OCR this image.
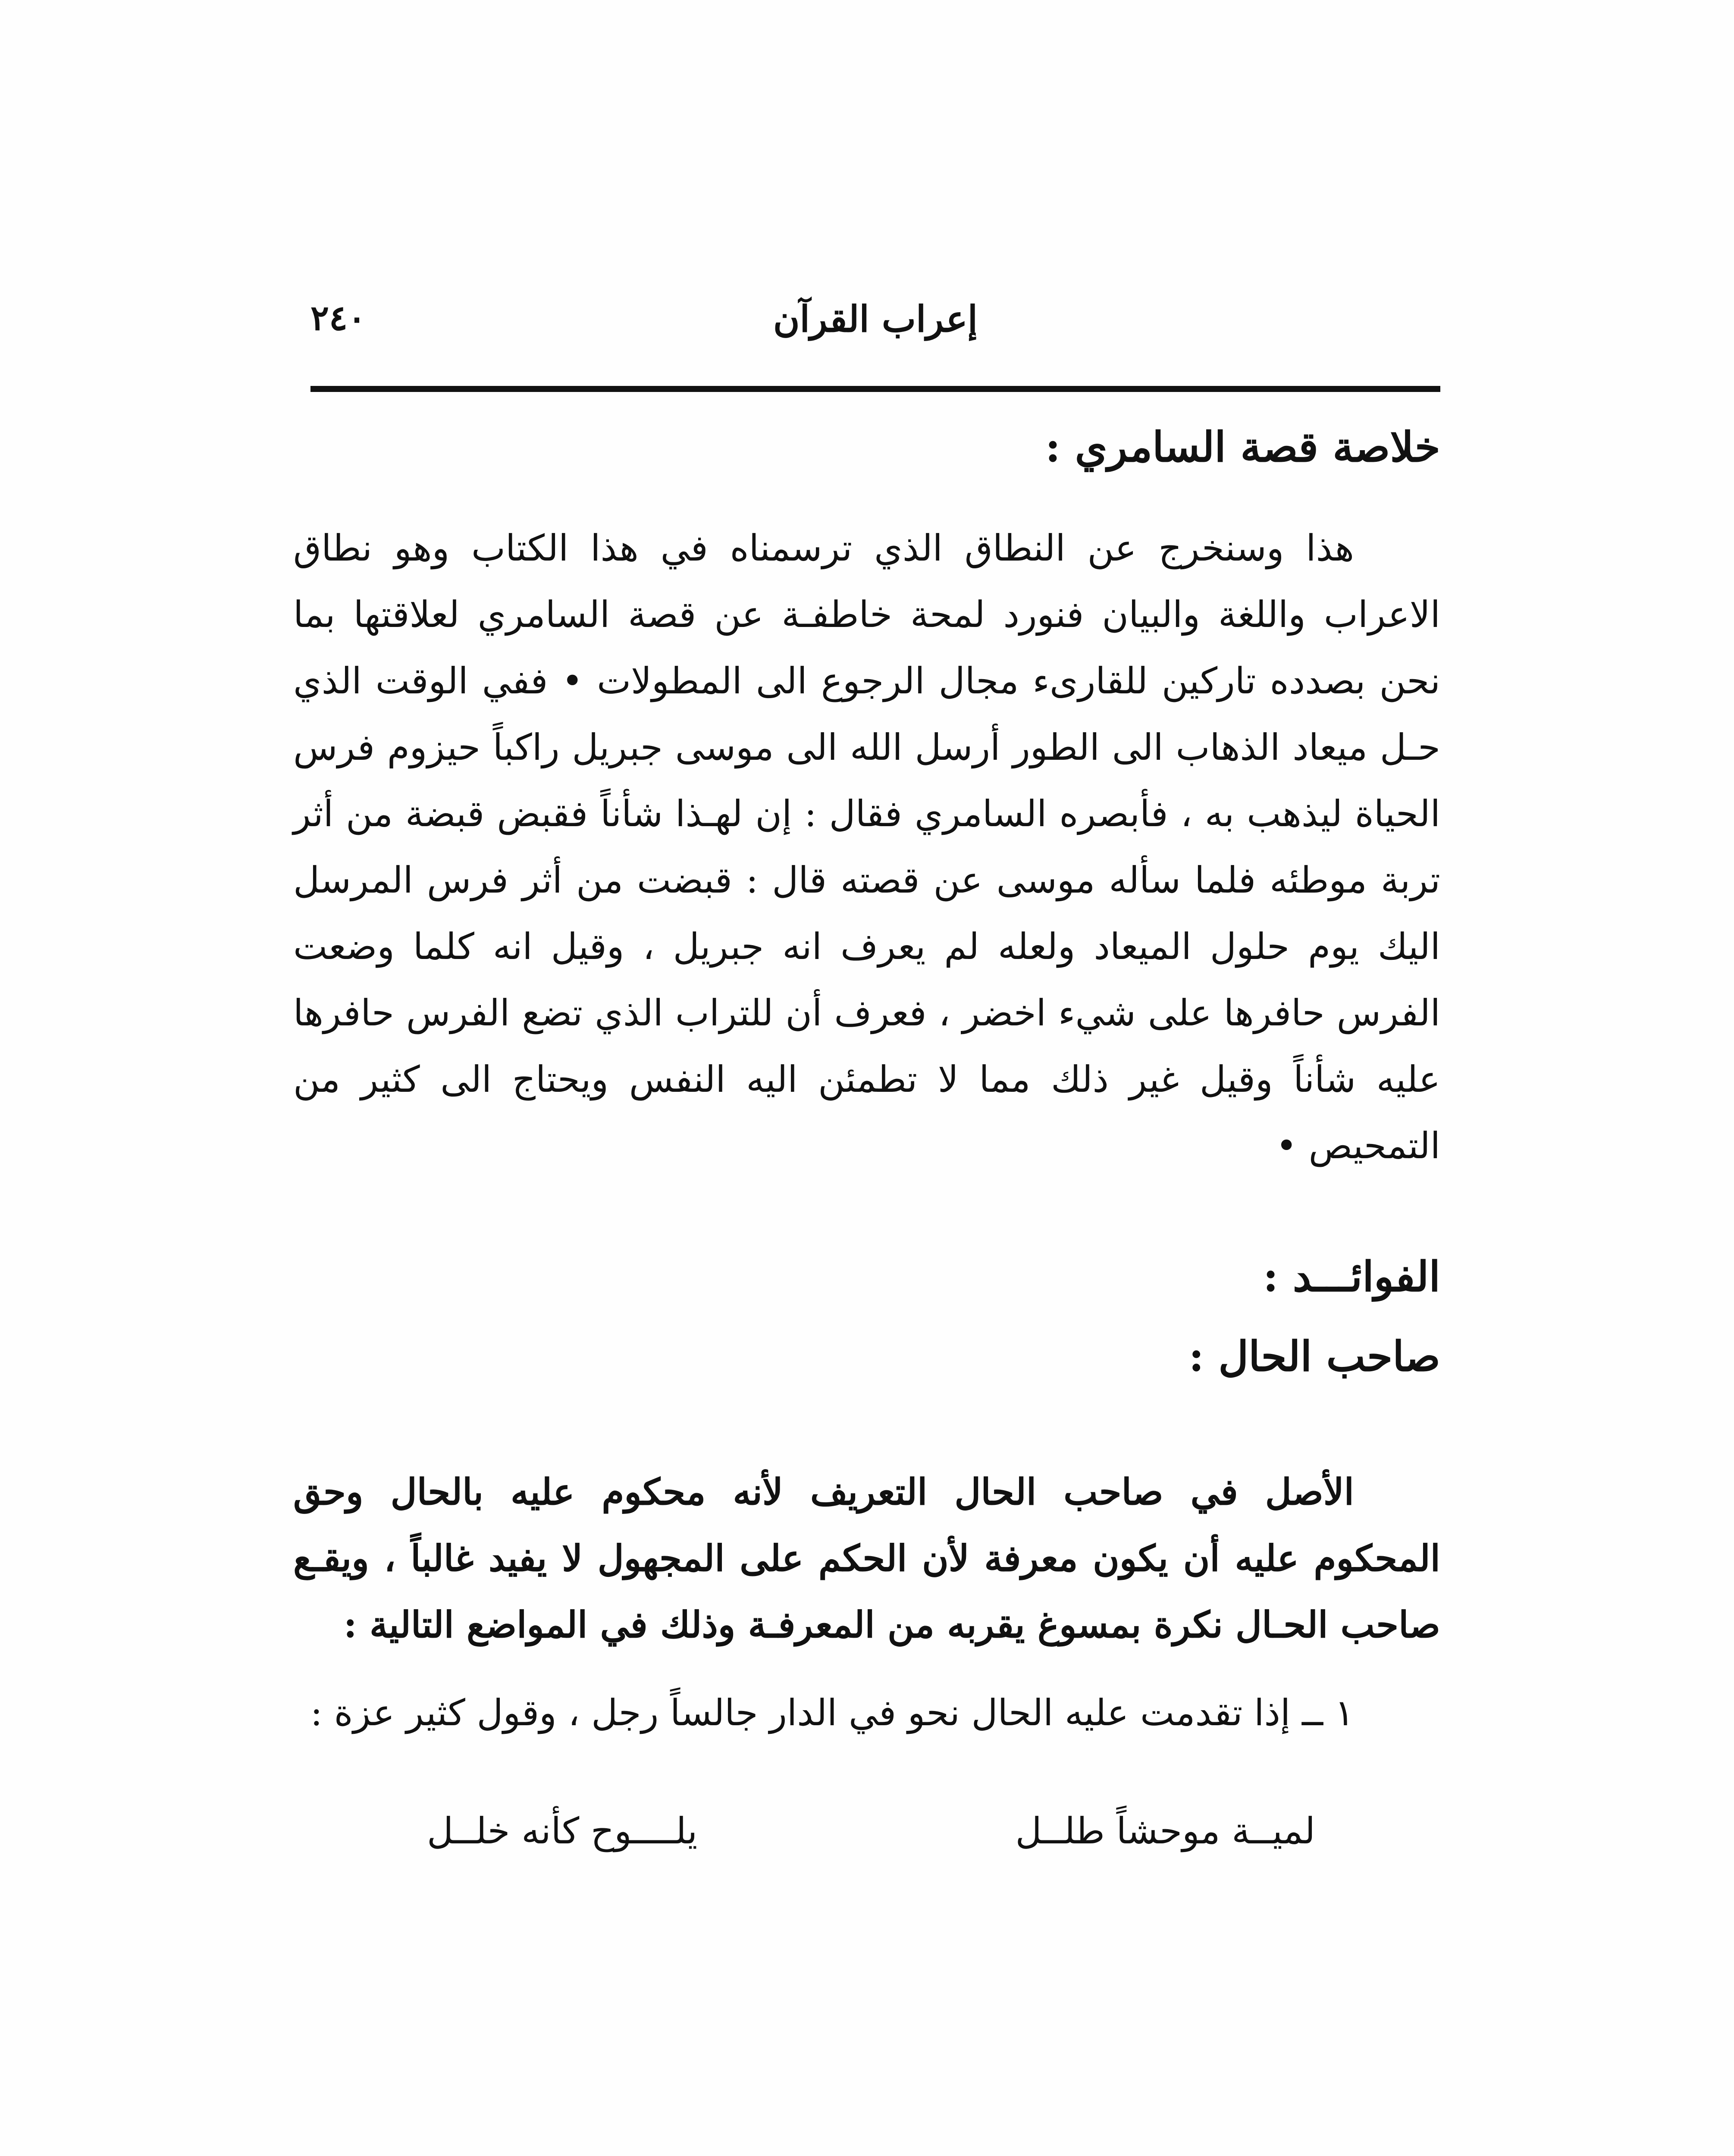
٢٤٠	إعراب القرآن
خلاصة قصة السامري :

هذا وسنخرج عن النطاق الذي ترسمناه في هذا الكتاب وهو نطاق الاعراب واللغة والبيان فنورد لمحة خاطفـة عن قصة السامري لعلاقتها بما نحن بصدده تاركين للقارىء مجال الرجوع الى المطولات • ففي الوقت الذي حـل ميعاد الذهاب الى الطور أرسل الله الى موسى جبريل راكباً حيزوم فرس الحياة ليذهب به ، فأبصره السامري فقال : إن لهـذا شأناً فقبض قبضة من أثر تربة موطئه فلما سأله موسى عن قصته قال : قبضت من أثر فرس المرسل اليك يوم حلول الميعاد ولعله لم يعرف انه جبريل ، وقيل انه كلما وضعت الفرس حافرها على شيء اخضر ، فعرف أن للتراب الذي تضع الفرس حافرها عليه شأناً وقيل غير ذلك مما لا تطمئن اليه النفس ويحتاج الى كثير من التمحيص •

الفوائـــد :
صاحب الحال :

الأصل في صاحب الحال التعريف لأنه محكوم عليه بالحال وحق المحكوم عليه أن يكون معرفة لأن الحكم على المجهول لا يفيد غالباً ، ويقـع صاحب الحـال نكرة بمسوغ يقربه من المعرفـة وذلك في المواضع التالية :

١ ــ إذا تقدمت عليه الحال نحو في الدار جالساً رجل ، وقول كثير عزة :

لميــة موحشاً طلــل
يلــــوح كأنه خلــل
